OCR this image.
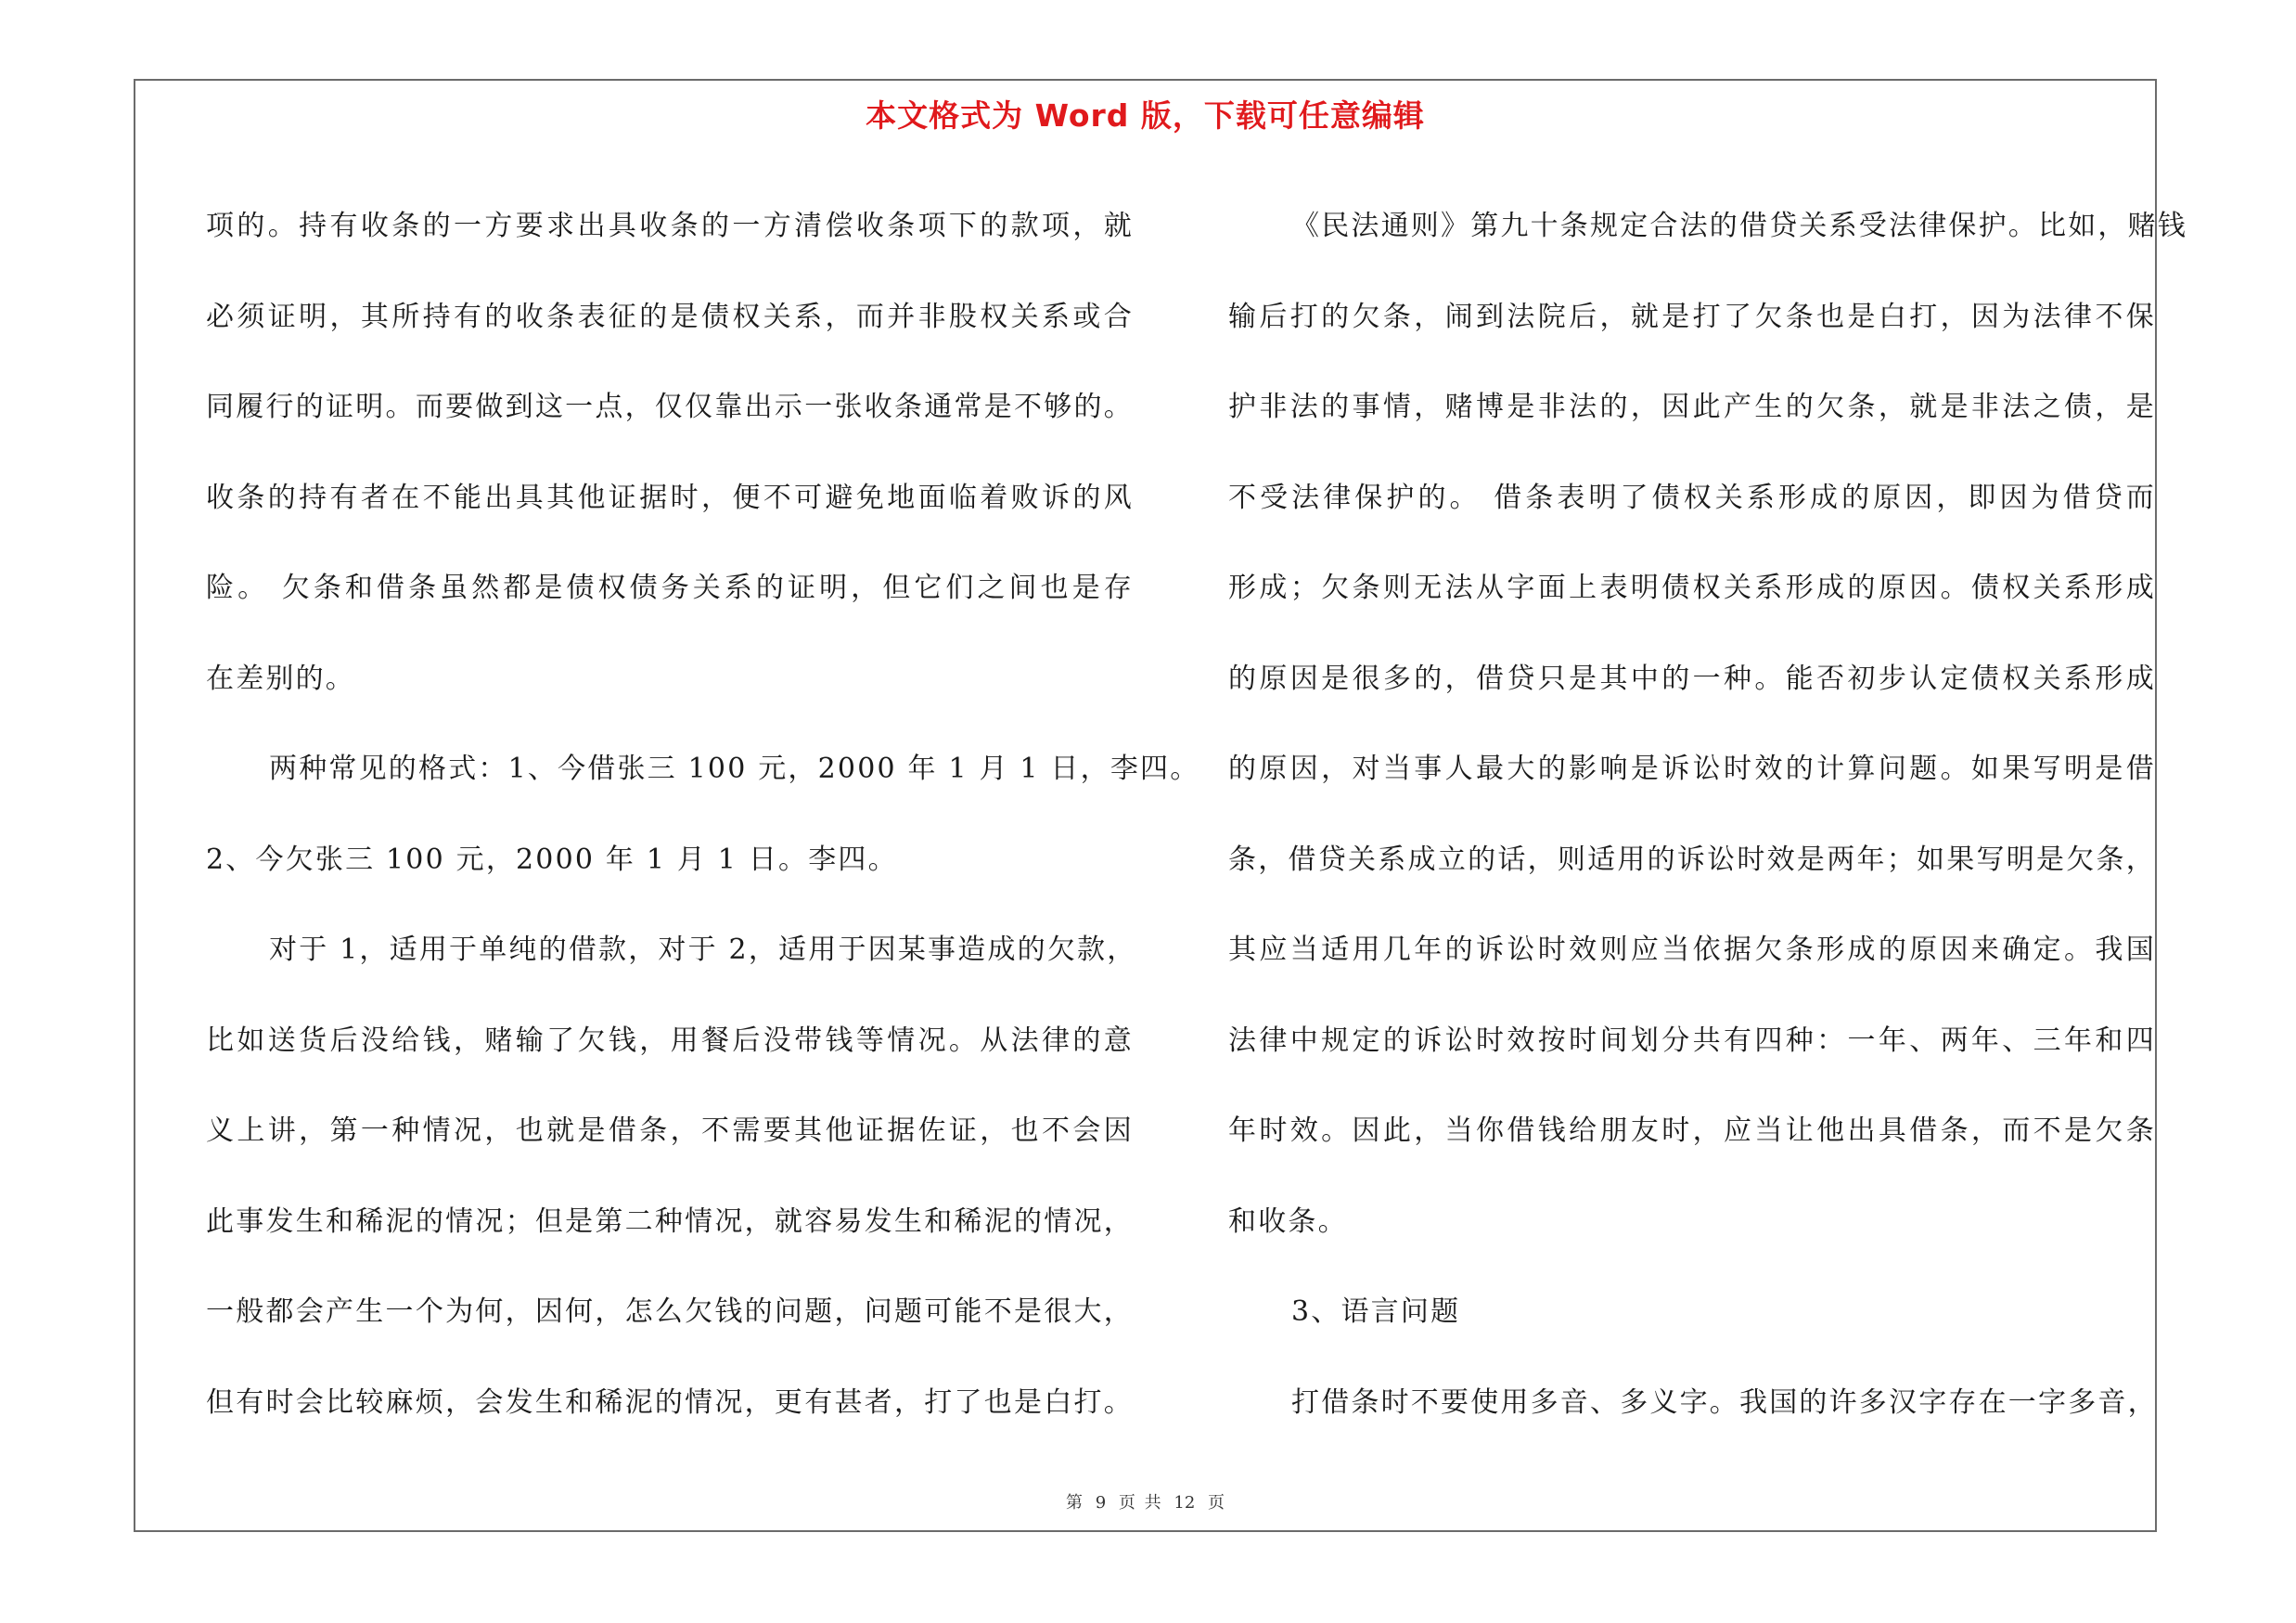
本文格式为 Word 版，下载可任意编辑
项的。持有收条的一方要求出具收条的一方清偿收条项下的款项，就
必须证明，其所持有的收条表征的是债权关系，而并非股权关系或合
同履行的证明。而要做到这一点，仅仅靠出示一张收条通常是不够的。
收条的持有者在不能出具其他证据时，便不可避免地面临着败诉的风
险。 欠条和借条虽然都是债权债务关系的证明，但它们之间也是存
在差别的。
两种常见的格式：1、今借张三 100 元，2000 年 1 月 1 日，李四。
2、今欠张三 100 元，2000 年 1 月 1 日。李四。
对于 1，适用于单纯的借款，对于 2，适用于因某事造成的欠款，
比如送货后没给钱，赌输了欠钱，用餐后没带钱等情况。从法律的意
义上讲，第一种情况，也就是借条，不需要其他证据佐证，也不会因
此事发生和稀泥的情况；但是第二种情况，就容易发生和稀泥的情况，
一般都会产生一个为何，因何，怎么欠钱的问题，问题可能不是很大，
但有时会比较麻烦，会发生和稀泥的情况，更有甚者，打了也是白打。
《民法通则》第九十条规定合法的借贷关系受法律保护。比如，赌钱
输后打的欠条，闹到法院后，就是打了欠条也是白打，因为法律不保
护非法的事情，赌博是非法的，因此产生的欠条，就是非法之债，是
不受法律保护的。 借条表明了债权关系形成的原因，即因为借贷而
形成；欠条则无法从字面上表明债权关系形成的原因。债权关系形成
的原因是很多的，借贷只是其中的一种。能否初步认定债权关系形成
的原因，对当事人最大的影响是诉讼时效的计算问题。如果写明是借
条，借贷关系成立的话，则适用的诉讼时效是两年；如果写明是欠条，
其应当适用几年的诉讼时效则应当依据欠条形成的原因来确定。我国
法律中规定的诉讼时效按时间划分共有四种：一年、两年、三年和四
年时效。因此，当你借钱给朋友时，应当让他出具借条，而不是欠条
和收条。
3、语言问题
打借条时不要使用多音、多义字。我国的许多汉字存在一字多音，
第 9 页 共 12 页
